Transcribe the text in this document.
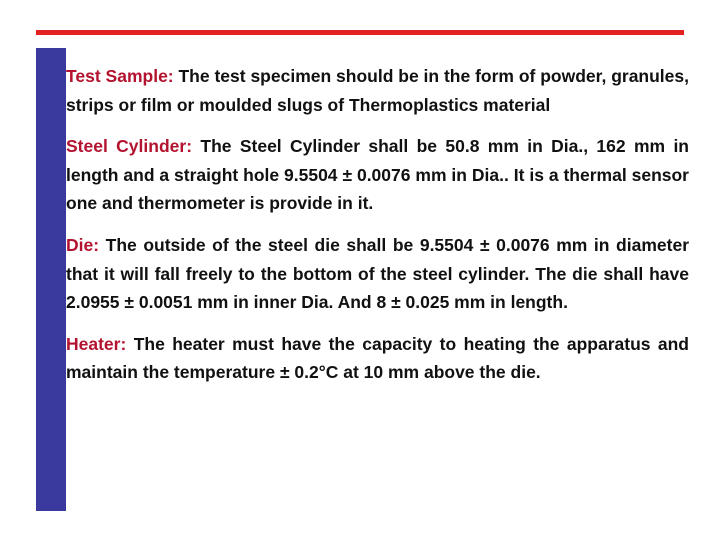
Test Sample: The test specimen should be in the form of powder, granules, strips or film or moulded slugs of Thermoplastics material

Steel Cylinder: The Steel Cylinder shall be 50.8 mm in Dia., 162 mm in length and a straight hole 9.5504 ± 0.0076 mm in Dia.. It is a thermal sensor one and thermometer is provide in it.

Die: The outside of the steel die shall be 9.5504 ± 0.0076 mm in diameter that it will fall freely to the bottom of the steel cylinder. The die shall have 2.0955 ± 0.0051 mm in inner Dia. And 8 ± 0.025 mm in length.

Heater: The heater must have the capacity to heating the apparatus and maintain the temperature ± 0.2°C at 10 mm above the die.
